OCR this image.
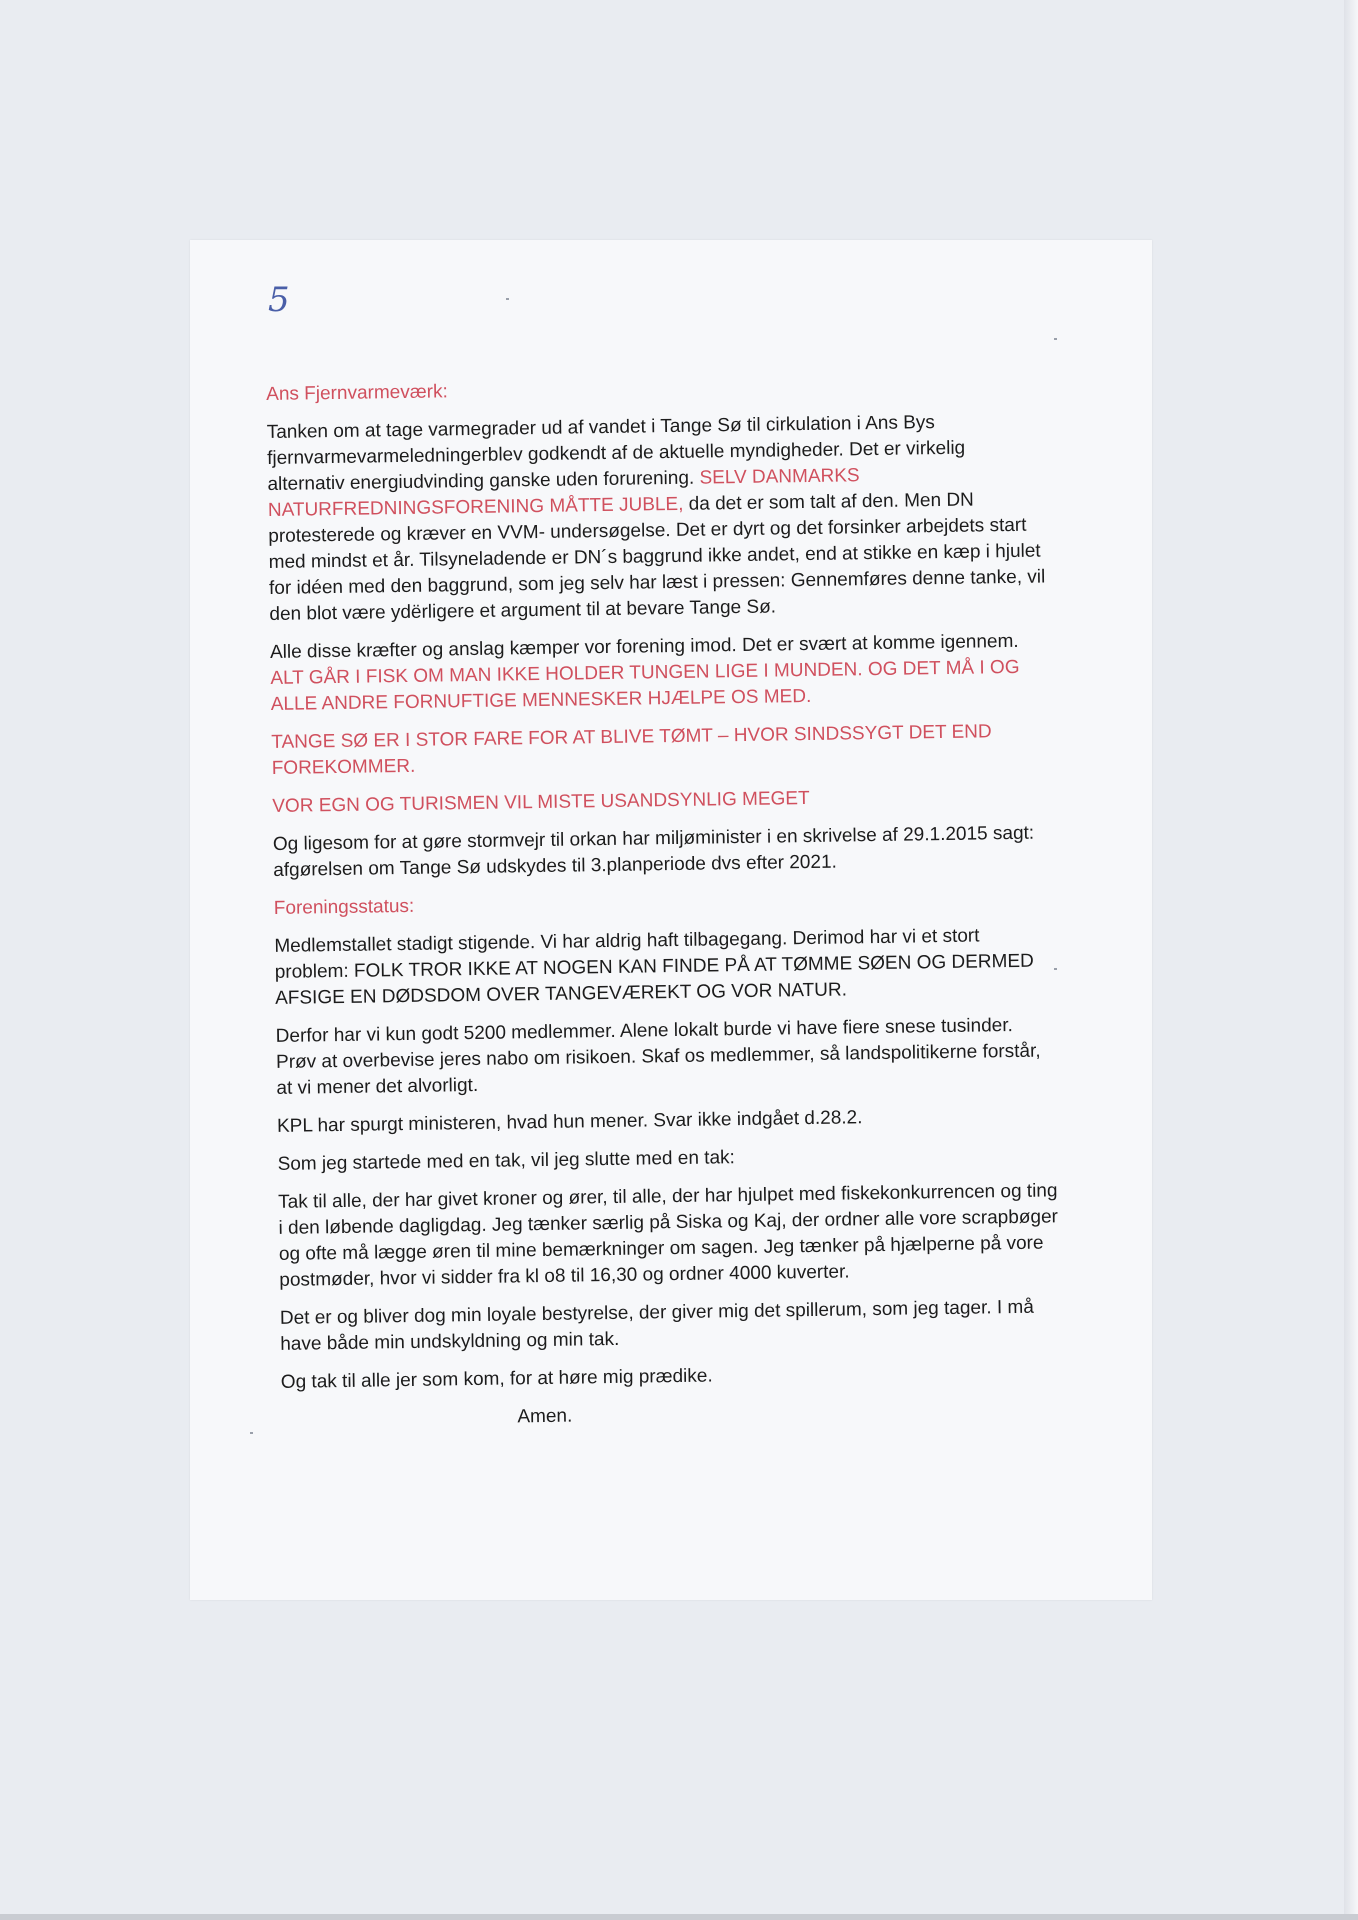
5
Ans Fjernvarmeværk:

Tanken om at tage varmegrader ud af vandet i Tange Sø til cirkulation i Ans Bys fjernvarmevarmeledningerblev godkendt af de aktuelle myndigheder. Det er virkelig alternativ energiudvinding ganske uden forurening. SELV DANMARKS NATURFREDNINGSFORENING MÅTTE JUBLE, da det er som talt af den. Men DN protesterede og kræver en VVM- undersøgelse. Det er dyrt og det forsinker arbejdets start med mindst et år. Tilsyneladende er DN´s baggrund ikke andet, end at stikke en kæp i hjulet for idéen med den baggrund, som jeg selv har læst i pressen: Gennemføres denne tanke, vil den blot være ydërligere et argument til at bevare Tange Sø.

Alle disse kræfter og anslag kæmper vor forening imod. Det er svært at komme igennem. ALT GÅR I FISK OM MAN IKKE HOLDER TUNGEN LIGE I MUNDEN. OG DET MÅ I OG ALLE ANDRE FORNUFTIGE MENNESKER HJÆLPE OS MED.

TANGE SØ ER I STOR FARE FOR AT BLIVE TØMT – HVOR SINDSSYGT DET END FOREKOMMER.

VOR EGN OG TURISMEN VIL MISTE USANDSYNLIG MEGET

Og ligesom for at gøre stormvejr til orkan har miljøminister i en skrivelse af 29.1.2015 sagt: afgørelsen om Tange Sø udskydes til 3.planperiode dvs efter 2021.

Foreningsstatus:

Medlemstallet stadigt stigende. Vi har aldrig haft tilbagegang. Derimod har vi et stort problem: FOLK TROR IKKE AT NOGEN KAN FINDE PÅ AT TØMME SØEN OG DERMED AFSIGE EN DØDSDOM OVER TANGEVÆREKT OG VOR NATUR.

Derfor har vi kun godt 5200 medlemmer. Alene lokalt burde vi have fiere snese tusinder. Prøv at overbevise jeres nabo om risikoen. Skaf os medlemmer, så landspolitikerne forstår, at vi mener det alvorligt.

KPL har spurgt ministeren, hvad hun mener. Svar ikke indgået d.28.2.

Som jeg startede med en tak, vil jeg slutte med en tak:

Tak til alle, der har givet kroner og ører, til alle, der har hjulpet med fiskekonkurrencen og ting i den løbende dagligdag. Jeg tænker særlig på Siska og Kaj, der ordner alle vore scrapbøger og ofte må lægge øren til mine bemærkninger om sagen. Jeg tænker på hjælperne på vore postmøder, hvor vi sidder fra kl o8 til 16,30 og ordner 4000 kuverter.

Det er og bliver dog min loyale bestyrelse, der giver mig det spillerum, som jeg tager. I må have både min undskyldning og min tak.

Og tak til alle jer som kom, for at høre mig prædike.

Amen.
